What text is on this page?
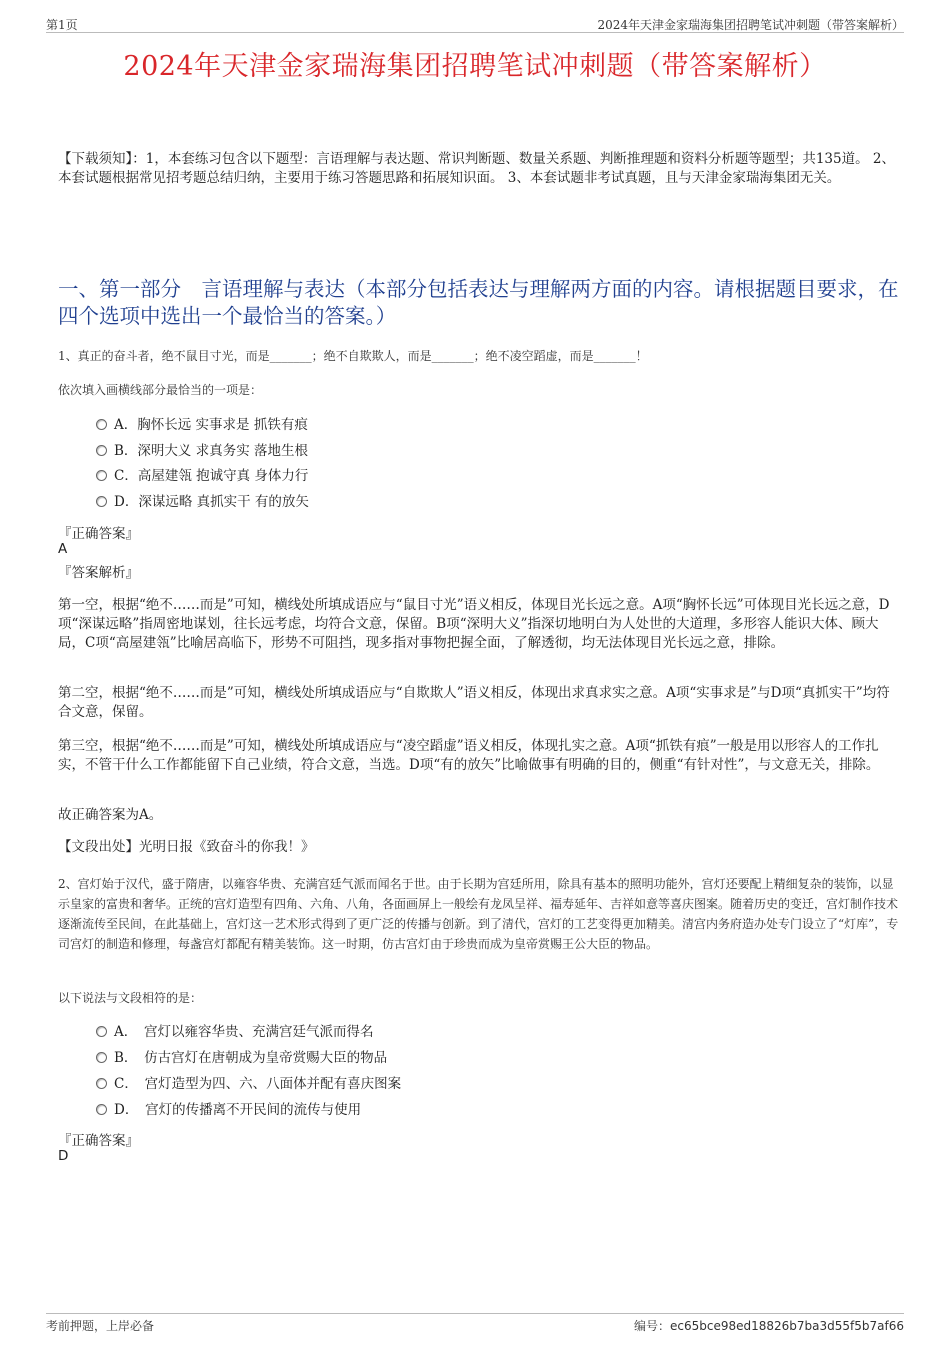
第1页	2024年天津金家瑞海集团招聘笔试冲刺题（带答案解析）
2024年天津金家瑞海集团招聘笔试冲刺题（带答案解析）
【下载须知】：1，本套练习包含以下题型：言语理解与表达题、常识判断题、数量关系题、判断推理题和资料分析题等题型；共135道。 2、本套试题根据常见招考题总结归纳，主要用于练习答题思路和拓展知识面。 3、本套试题非考试真题，且与天津金家瑞海集团无关。
一、第一部分　言语理解与表达（本部分包括表达与理解两方面的内容。请根据题目要求，在四个选项中选出一个最恰当的答案。）
1、真正的奋斗者，绝不鼠目寸光，而是_______；绝不自欺欺人，而是_______；绝不凌空蹈虚，而是_______！
依次填入画横线部分最恰当的一项是：
A．胸怀长远 实事求是 抓铁有痕
B．深明大义 求真务实 落地生根
C．高屋建瓴 抱诚守真 身体力行
D．深谋远略 真抓实干 有的放矢
『正确答案』
A
『答案解析』
第一空，根据“绝不……而是”可知，横线处所填成语应与“鼠目寸光”语义相反，体现目光长远之意。A项“胸怀长远”可体现目光长远之意，D项“深谋远略”指周密地谋划，往长远考虑，均符合文意，保留。B项“深明大义”指深切地明白为人处世的大道理，多形容人能识大体、顾大局，C项“高屋建瓴”比喻居高临下，形势不可阻挡，现多指对事物把握全面，了解透彻，均无法体现目光长远之意，排除。
第二空，根据“绝不……而是”可知，横线处所填成语应与“自欺欺人”语义相反，体现出求真求实之意。A项“实事求是”与D项“真抓实干”均符合文意，保留。
第三空，根据“绝不……而是”可知，横线处所填成语应与“凌空蹈虚”语义相反，体现扎实之意。A项“抓铁有痕”一般是用以形容人的工作扎实，不管干什么工作都能留下自己业绩，符合文意，当选。D项“有的放矢”比喻做事有明确的目的，侧重“有针对性”，与文意无关，排除。
故正确答案为A。
【文段出处】光明日报《致奋斗的你我！》
2、宫灯始于汉代，盛于隋唐，以雍容华贵、充满宫廷气派而闻名于世。由于长期为宫廷所用，除具有基本的照明功能外，宫灯还要配上精细复杂的装饰，以显示皇家的富贵和奢华。正统的宫灯造型有四角、六角、八角，各面画屏上一般绘有龙凤呈祥、福寿延年、吉祥如意等喜庆图案。随着历史的变迁，宫灯制作技术逐渐流传至民间，在此基础上，宫灯这一艺术形式得到了更广泛的传播与创新。到了清代，宫灯的工艺变得更加精美。清宫内务府造办处专门设立了“灯库”，专司宫灯的制造和修理，每盏宫灯都配有精美装饰。这一时期，仿古宫灯由于珍贵而成为皇帝赏赐王公大臣的物品。
以下说法与文段相符的是：
A．　宫灯以雍容华贵、充满宫廷气派而得名
B．　仿古宫灯在唐朝成为皇帝赏赐大臣的物品
C．　宫灯造型为四、六、八面体并配有喜庆图案
D．　宫灯的传播离不开民间的流传与使用
『正确答案』
D
考前押题，上岸必备	编号：ec65bce98ed18826b7ba3d55f5b7af66
